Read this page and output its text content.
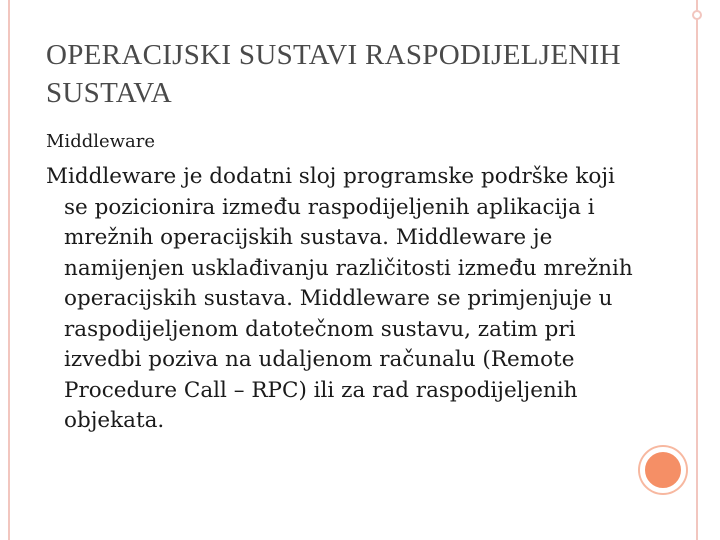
OPERACIJSKI SUSTAVI RASPODIJELJENIH SUSTAVA

Middleware

Middleware je dodatni sloj programske podrške koji se pozicionira između raspodijeljenih aplikacija i mrežnih operacijskih sustava. Middleware je namijenjen usklađivanju različitosti između mrežnih operacijskih sustava. Middleware se primjenjuje u raspodijeljenom datotečnom sustavu, zatim pri izvedbi poziva na udaljenom računalu (Remote Procedure Call – RPC) ili za rad raspodijeljenih objekata.
